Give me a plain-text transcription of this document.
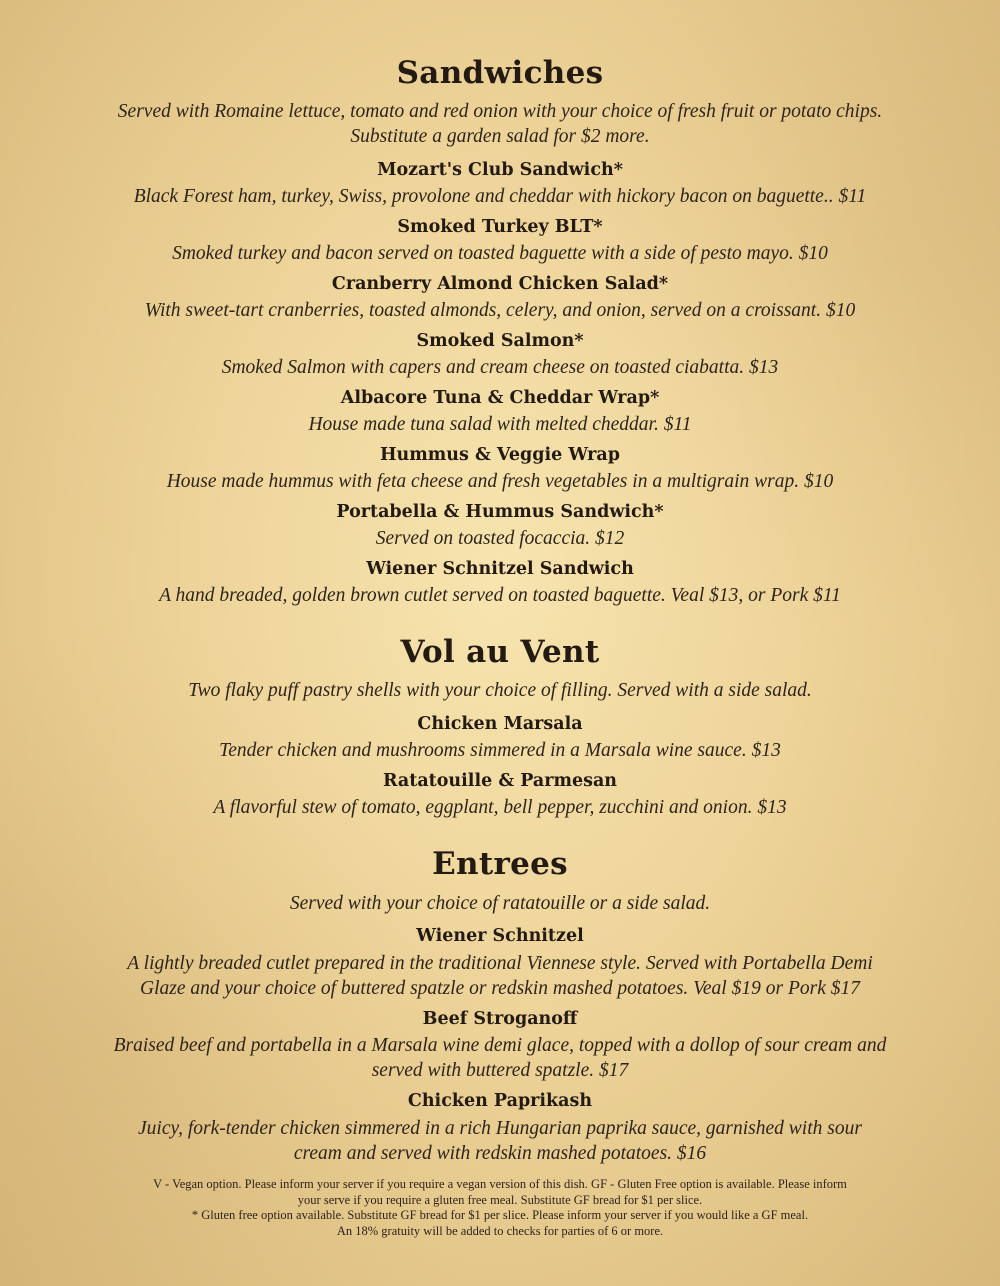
Sandwiches

Served with Romaine lettuce, tomato and red onion with your choice of fresh fruit or potato chips.

Substitute a garden salad for $2 more.

Mozart's Club Sandwich*

Black Forest ham, turkey, Swiss, provolone and cheddar with hickory bacon on baguette.. $11

Smoked Turkey BLT*

Smoked turkey and bacon served on toasted baguette with a side of pesto mayo. $10

Cranberry Almond Chicken Salad*

With sweet-tart cranberries, toasted almonds, celery, and onion, served on a croissant. $10

Smoked Salmon*

Smoked Salmon with capers and cream cheese on toasted ciabatta. $13

Albacore Tuna & Cheddar Wrap*

House made tuna salad with melted cheddar. $11

Hummus & Veggie Wrap

House made hummus with feta cheese and fresh vegetables in a multigrain wrap. $10

Portabella & Hummus Sandwich*

Served on toasted focaccia. $12

Wiener Schnitzel Sandwich

A hand breaded, golden brown cutlet served on toasted baguette. Veal $13, or Pork $11

Vol au Vent

Two flaky puff pastry shells with your choice of filling. Served with a side salad.

Chicken Marsala

Tender chicken and mushrooms simmered in a Marsala wine sauce. $13

Ratatouille & Parmesan

A flavorful stew of tomato, eggplant, bell pepper, zucchini and onion. $13

Entrees

Served with your choice of ratatouille or a side salad.

Wiener Schnitzel

A lightly breaded cutlet prepared in the traditional Viennese style. Served with Portabella Demi

Glaze and your choice of buttered spatzle or redskin mashed potatoes. Veal $19 or Pork $17

Beef Stroganoff

Braised beef and portabella in a Marsala wine demi glace, topped with a dollop of sour cream and

served with buttered spatzle. $17

Chicken Paprikash

Juicy, fork-tender chicken simmered in a rich Hungarian paprika sauce, garnished with sour

cream and served with redskin mashed potatoes. $16

V - Vegan option. Please inform your server if you require a vegan version of this dish. GF - Gluten Free option is available. Please inform
your serve if you require a gluten free meal. Substitute GF bread for $1 per slice.
* Gluten free option available. Substitute GF bread for $1 per slice. Please inform your server if you would like a GF meal.
An 18% gratuity will be added to checks for parties of 6 or more.
